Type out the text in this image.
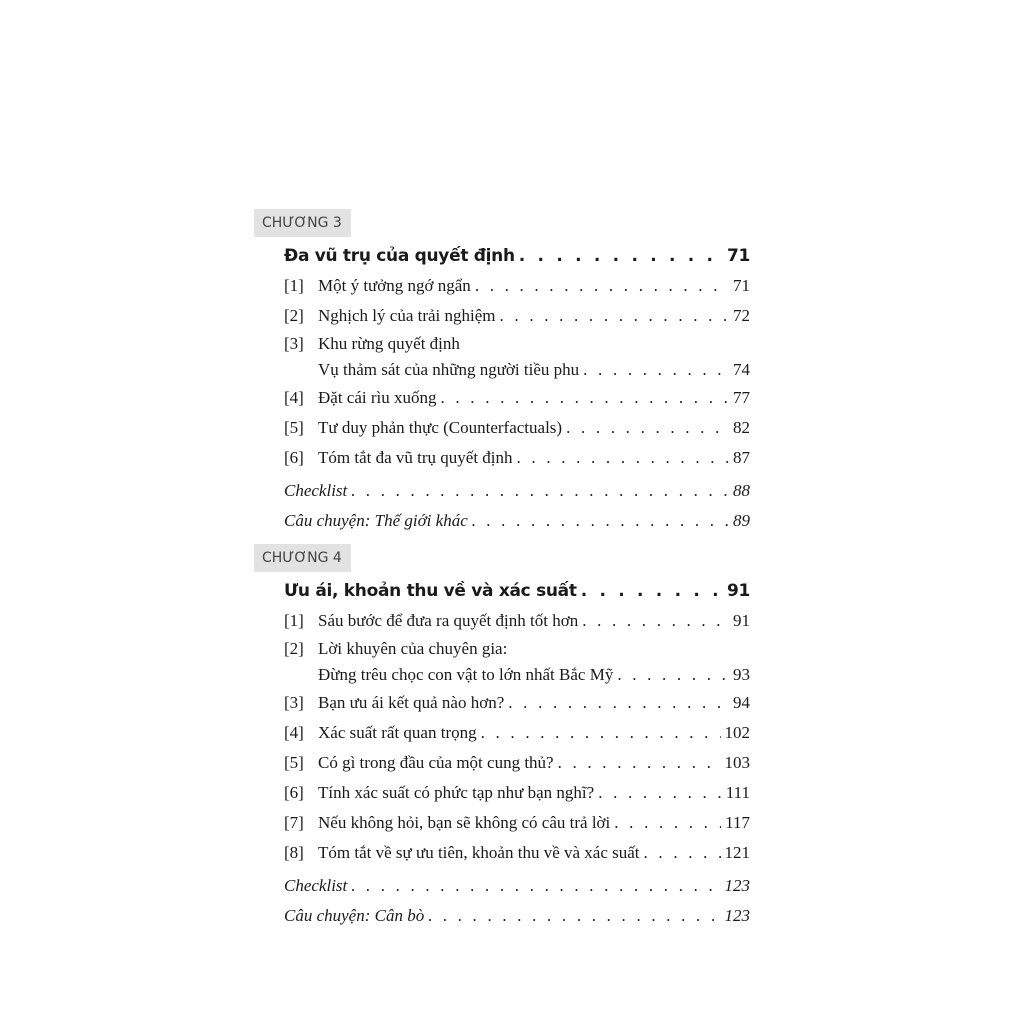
CHƯƠNG 3
Đa vũ trụ của quyết định . . .	71
[1] Một ý tưởng ngớ ngẩn . . .	71
[2] Nghịch lý của trải nghiệm . . .	72
[3] Khu rừng quyết định
Vụ thảm sát của những người tiều phu . . .	74
[4] Đặt cái rìu xuống . . .	77
[5] Tư duy phản thực (Counterfactuals) . . .	82
[6] Tóm tắt đa vũ trụ quyết định . . .	87
Checklist . . .	88
Câu chuyện: Thế giới khác . . .	89
CHƯƠNG 4
Ưu ái, khoản thu về và xác suất . . .	91
[1] Sáu bước để đưa ra quyết định tốt hơn . . .	91
[2] Lời khuyên của chuyên gia:
Đừng trêu chọc con vật to lớn nhất Bắc Mỹ . . .	93
[3] Bạn ưu ái kết quả nào hơn? . . .	94
[4] Xác suất rất quan trọng . . .	102
[5] Có gì trong đầu của một cung thủ? . . .	103
[6] Tính xác suất có phức tạp như bạn nghĩ? . . .	111
[7] Nếu không hỏi, bạn sẽ không có câu trả lời . . .	117
[8] Tóm tắt về sự ưu tiên, khoản thu về và xác suất . . .	121
Checklist . . .	123
Câu chuyện: Cân bò . . .	123
